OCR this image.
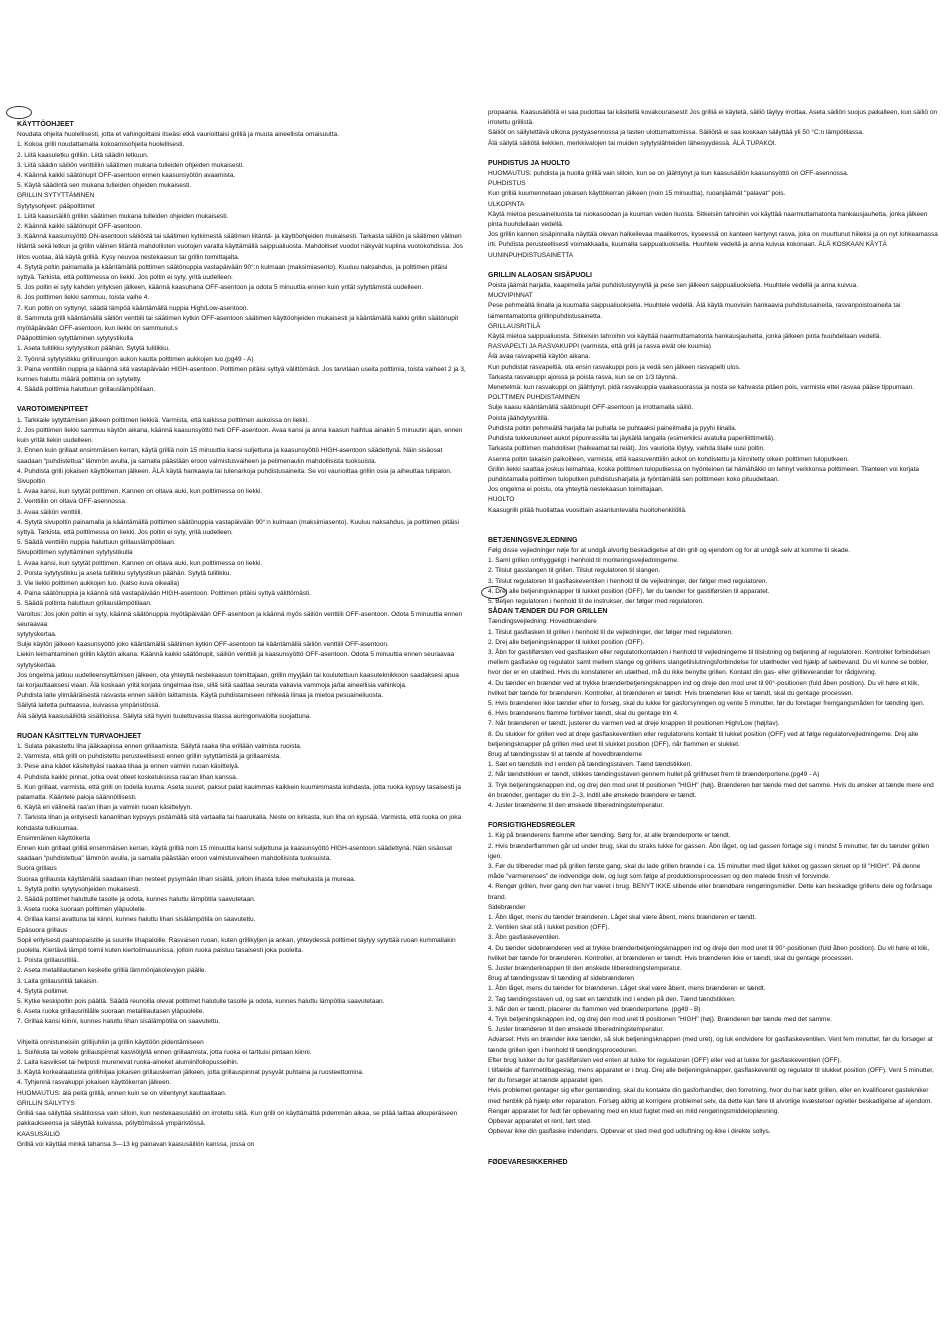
KÄYTTÖOHJEET

Noudata ohjeita huolellisesti, jotta et vahingoittaisi itseäsi etkä vaurioittaisi grilliä ja muuta aineellista omaisuutta.

1. Kokoa grilli noudattamalla kokoamisohjeita huolellisesti.

2. Liitä kaasuletku grilliin. Liitä säädin letkuun.

3. Liitä säädin säiliön venttiiliin säätimen mukana tulleiden ohjeiden mukaisesti.

4. Käännä kaikki säätönupit OFF-asentoon ennen kaasunsyötön avaamista.

5. Käytä säädintä sen mukana tulleiden ohjeiden mukaisesti.

GRILLIN SYTYTTÄMINEN

Sytytysohjeet: pääpolttimet

1. Liitä kaasusäiliö grilliin säätimen mukana tulleiden ohjeiden mukaisesti.

2. Käännä kaikki säätönupit OFF-asentoon.

3. Käännä kaasunsyöttö ON-asentoon säiliöstä tai säätimen kytkimestä säätimen liitäntä- ja käyttöohjeiden mukaisesti. Tarkasta säiliön ja säätimen välinen liitäntä sekä letkun ja grillin välinen liitäntä mahdollisten vuotojen varalta käyttämällä saippualiuosta. Mahdolliset vuodot näkyvät kuplina vuotokohdissa. Jos liitos vuotaa, älä käytä grilliä. Kysy neuvoa nestekaasun tai grillin toimittajalta.

4. Sytytä poltin painamalla ja kääntämällä polttimen säätönuppia vastapäivään 90°:n kulmaan (maksimiasento). Kuuluu naksahdus, ja polttimen pitäisi syttyä. Tarkista, että polttimessa on liekki. Jos poltin ei syty, yritä uudelleen.

5. Jos poltin ei syty kahden yrityksen jälkeen, käännä kaasuhana OFF-asentoon ja odota 5 minuuttia ennen kuin yrität sytyttämistä uudelleen.

6. Jos polttimen liekki sammuu, toista vaihe 4.

7. Kun poltin on syttynyt, säädä lämpöä kääntämällä nuppia High/Low-asentoon.

8. Sammuta grilli kääntämällä säiliön venttiili tai säätimen kytkin OFF-asentoon säätimen käyttöohjeiden mukaisesti ja kääntämällä kaikki grillin säätönupit myötäpäivään OFF-asentoon, kun liekki on sammunut.s

Pääpolttimien sytyttäminen sytytystikulla

1. Aseta tulitikku sytytystikun päähän. Sytytä tulitikku.

2. Työnnä sytytystikku grilliruungon aukon kautta polttimen aukkojen luo.(pg49 - A)

3. Paina venttiilin nuppia ja käännä sitä vastapäivään HIGH-asentoon. Polttimen pitäisi syttyä välittömästi. Jos tarvitaan useita polttimia, toista vaiheet 2 ja 3, kunnes haluttu määrä polttimia on sytytetty.

4. Säädä polttimia haluttuun grillauslämpötilaan.

VAROTOIMENPITEET

1. Tarkkaile sytyttämisen jälkeen polttimen liekkiä. Varmista, että kaikissa polttimen aukoissa on liekki.

2. Jos polttimen liekki sammuu käytön aikana, käännä kaasunsyöttö heti OFF-asentoon. Avaa kansi ja anna kaasun haihtua ainakin 5 minuutin ajan, ennen kuin yrität liekin uudelleen.

3. Ennen kuin grillaat ensimmäisen kerran, käytä grilliä noin 15 minuuttia kansi suljettuna ja kaasunsyöttö HIGH-asentoon säädettynä. Näin sisäosat saadaan "puhdistettua" lämmön avulla, ja samalla päästään eroon valmistusvaiheen ja pelimenaulin mahdollisista tuoksuista.

4. Puhdista grilli jokaisen käyttökerran jälkeen. ÄLÄ käytä hankaavia tai tulenarkoja puhdistusaineita. Se voi vaurioittaa grillin osia ja aiheuttaa tulipalon.

Sivupoltin

1. Avaa kansi, kun sytytät polttimen. Kannen on oltava auki, kun polttimessa on liekki.

2. Venttiilin on oltava OFF-asennossa.

3. Avaa säiliön venttiili.

4. Sytytä sivupoltin painamalla ja kääntämällä polttimen säätönuppia vastapäivään 90°:n kulmaan (maksimiasento). Kuuluu naksahdus, ja polttimen pitäisi syttyä. Tarkista, että polttimessa on liekki. Jos poltin ei syty, yritä uudelleen.

5. Säädä venttiilin nuppia haluttuun grillauslämpötilaan.

Sivupolttimen sytyttäminen sytytystikulla

1. Avaa kansi, kun sytytät polttimen. Kannen on oltava auki, kun polttimessa on liekki.

2. Poista sytytystikku ja aseta tulitikku sytytystikun päähän. Sytytä tulitikku.

3. Vie liekki polttimen aukkojen luo. (katso kuva oikealla)

4. Paina säätönuppia ja käännä sitä vastapäivään HIGH-asentoon. Polttimen pitäisi syttyä välittömästi.

5. Säädä poltinta haluttuun grillauslämpötilaan.

Varoitus: Jos jokin poltin ei syty, käännä säätönuppia myötäpäivään OFF-asentoon ja käännä myös säiliön venttiili OFF-asentoon. Odota 5 minuuttia ennen seuraavaa

sytytyskertaa.

Sulje käytön jälkeen kaasunsyöttö joko kääntämällä säätimen kytkin OFF-asentoon tai kääntämällä säiliön venttiili OFF-asentoon.

Liekin leimahtaminen grillin käytön aikana. Käännä kaikki säätönupit, säiliön venttiili ja kaasunsyöttö OFF-asentoon. Odota 5 minuuttia ennen seuraavaa sytytyskertaa.

Jos ongelma jatkuu uudelleensyttämisen jälkeen, ota yhteyttä nestekaasun toimittajaan, grillin myyjään tai koulutettuun kaasuteknikkoon saadaksesi apua tai korjauttaaksesi viaan. Älä koskaan yritä korjata ongelmaa itse, sillä siitä saattaa seurata vakavia vammoja ja/tai aineellisia vahinkoja.

Puhdista laite ylimääräisestä rasvasta ennen säiliön laittamista. Käytä puhdistamiseen nihkeää liinaa ja mietoa pesuaineliuosta.

Säilytä laitetta puhtaassa, kuivassa ympäristössä.

Älä säilytä kaasusäiliötä sisätiloissa. Säilytä sitä hyvin tuulettuvassa tilassa auringonvalolta suojattuna.

RUOAN KÄSITTELYN TURVAOHJEET

1. Sulata pakastettu liha jääkaapissa ennen grillaamista. Säilytä raaka liha erillään valmista ruoista.

2. Varmista, että grilli on puhdistettu perusteellisesti ennen grillin sytyttämistä ja grillaamista.

3. Pese aina kädet käsiteltyäsi raakaa lihaa ja ennen valmiin ruoan käsittelyä.

4. Puhdista kaikki pinnat, jotka ovat olleet kosketuksissa raa'an lihan kanssa.

5. Kun grillaat, varmista, että grilli on todella kuuma. Aseta suuret, paksut palat kauimmas kaikkein kuumimmasta kohdasta, jotta ruoka kypsyy tasaisesti ja palamatta. Kääntele paloja säännöllisesti.

6. Käytä eri välineitä raa'an lihan ja valmiin ruoan käsittelyyn.

7. Tarkista lihan ja erityisesti kananlihan kypsyys pistämällä sitä vartaalla tai haarukalla. Neste on kirkasta, kun liha on kypsää. Varmista, että ruoka on joka kohdasta tulikuumaa.

Ensimmäinen käyttökerta

Ennen kuin grillaat grilliä ensimmäisen kerran, käytä grilliä noin 15 minuuttia kansi suljettuna ja kaasunsyöttö HIGH-asentoon säädettynä. Näin sisäosat saadaan "puhdistettua" lämmön avulla, ja samalla päästään eroon valmistusvaiheen mahdollisista tuoksuista.

Suora grillaus

Suoraa grillausta käyttämällä saadaan lihan nesteet pysymään lihan sisällä, jolloin lihasta tulee mehukasta ja mureaa.

1. Sytytä poltin sytytysohjeiden mukaisesti.

2. Säädä polttimet haluttulle tasolle ja odota, kunnes haluttu lämpötila saavutetaan.

3. Aseta ruoka suoraan polttimen yläpuolelle.

4. Grillaa kansi avattuna tai kiinni, kunnes haluttu lihan sisälämpötila on saavutettu.

Epäsuora grillaus

Sopii erityisesti paahtopaistille ja suurille lihapaloille. Rasvaisen ruoan, kuten grillikyljen ja ankan, yhteydessä polttimet täytyy sytyttää ruoan kummallakin puolella. Kiertävä lämpö toimii kuten kiertoilmauunissa, jolloin ruoka paistuu tasaisesti joka puolelta.

1. Poista grillausritilä.

2. Aseta metallilautanen keskelle grilliä lämmönjakolevyjen päälle.

3. Laita grillausritilä takaisin.

4. Sytytä poltimet.

5. Kytke keskipoltin pois päältä. Säädä reunoilla olevat polttimet halutulle tasolle ja odota, kunnes haluttu lämpötila saavutetaan.

6. Aseta ruoka grillausritilälle suoraan metallilautasen yläpuolelle.

7. Grillaa kansi kiinni, kunnes haluttu lihan sisälämpötila on saavutettu.

Vihjeitä onnistuneisiin grillijuhliin ja grillin käyttöön pidentämiseen

1. Suihkuta tai voitele grillauspinnat kasviöljyllä ennen grillaamista, jotta ruoka ei tarttuisi pintaan kiinni.

2. Laita kasvikset tai helposti murenevat ruoka-aineket alumiinifoliopusseihin.

3. Käytä korkealaatuista grillihiijaa jokaisen grillauskerran jälkeen, jotta grillauspinnat pysyvät puhtaina ja ruosteettomina.

4. Tyhjennä rasvakuppi jokaisen käyttökerran jälkeen.

HUOMAUTUS: älä peitä grilliä, ennen kuin se on viilentynyt kauttaaltaan.

GRILLIN SÄILYTYS

Grilliä saa säilyttää sisätiloissa vain silloin, kun nestekaasusäiliö on irrotettu siitä. Kun grilli on käyttämättä pidemmän aikaa, se pitää laittaa alkuperäiseen pakkaukseensa ja säilyttää kuivassa, pölyttömässä ympäristössä.

KAASUSÄILIÖ

Grilliä voi käyttää minkä tahansa 3—13 kg painavan kaasusäiliön kanssa, jossa on

propaania. Kaasusäiliötä ei saa pudottaa tai käsitellä kovakouraisesti! Jos grilliä ei käytetä, säiliö täytyy irrottaa. Aseta säiliön suojus paikalleen, kun säiliö on irrotettu grillistä.

Säiliöt on säilytettävä ulkona pystyasennossa ja lasten ulottumattomissa. Säiliöitä ei saa koskaan säilyttää yli 50 °C:n lämpötilassa.

Älä säilytä säiliötä liekkien, merkkivalojen tai muiden sytytyslähteiden läheisyydessä. ÄLÄ TUPAKOI.

PUHDISTUS JA HUOLTO

HUOMAUTUS: puhdista ja huolla grilliä vain silloin, kun se on jäähtynyt ja kun kaasusäiliön kaasunsyöttö on OFF-asennossa.

PUHDISTUS

Kun grilliä kuumennetaan jokaisen käyttökerran jälkeen (noin 15 minuuttia), ruoanjäämät "palavat" pois.

ULKOPINTA

Käytä mietoa pesuaineliuosta tai ruokasoodan ja kuuman veden liuosta. Sitkeisiin tahroihin voi käyttää naarmuttamatonta hankausjauhetta, jonka jälkeen pinta huuhdellaan vedellä.

Jos grillin kannen sisäpinnalla näyttää olevan halkeilevaa maalikerros, kyseessä on kanteen kertynyt rasva, joka on muuttunut hiileksi ja on nyt lohkeamassa irti. Puhdista perusteellisesti voimakkaalla, kuumalla saippualiuoksella. Huuhtele vedellä ja anna kuivua kokonaan. ÄLÄ KOSKAAN KÄYTÄ UUNINPUHDISTUSAINETTA

GRILLIN ALAOSAN SISÄPUOLI

Poista jäämät harjalla, kaapimella ja/tai puhdistustyynyllä ja pese sen jälkeen saippualiuoksella. Huuhtele vedellä ja anna kuivua.

MUOVIPINNAT

Pese pehmeällä liinalla ja kuumalla saippualiuoksella. Huuhtele vedellä. Älä käytä muovisiin hankaavia puhdistusaineita, rasvanpoistoaineita tai laimentamatonta grillinpuhdistusainetta.

GRILLAUSRITILÄ

Käytä mietoa saippualiuosta. Sitkeisiin tahroihin voi käyttää naarmuttamatonta hankausjauhetta, jonka jälkeen pinta huuhdellaan vedellä.

RASVAPELTI JA RASVAKUPPI (varmista, että grilli ja rasva eivät ole kuumia)

Älä avaa rasvapeltiä käytön aikana.

Kun puhdistat rasvapeltiä, ota ensin rasvakuppi pois ja vedä sen jälkeen rasvapelti ulos.

Tarkasta rasvakuppi ajoissa ja poista rasva, kun se on 1/3 täynnä.

Menetelmä: kun rasvakuppi on jäähtynyt, pidä rasvakuppia vaakasuorassa ja nosta se kahvasta pitäen pois, varmista ettei rasvaa pääse tippumaan.

POLTTIMEN PUHDISTAMINEN

Sulje kaasu kääntämällä säätönupit OFF-asentoon ja irrottamalla säiliö.

Poista jäähdytysritilä.

Puhdista poltin pehmeällä harjalla tai puhalla se puhtaaksi paineilmalla ja pyyhi liinalla.

Puhdista tukkeutuneet aukot piipunrassilla tai jäykällä langalla (esimerkiksi avatulla paperiliittimellä).

Tarkasta polttimen mahdolliset (halkeamat tai reiät). Jos vaurioita löytyy, vaihda tilalle uusi poltin.

Asenna poltin takaisin paikoilleen, varmista, että kaasuventtiilin aukot on kohdistettu ja kiinnitetty oikein polttimen tuloputkeen.

Grillin liekki saattaa joskus leimahtaa, koska polttimen tuloputkessa on hyönteinen tai hämähäkki on tehnyt verkkonsa polttimeen. Tilanteen voi korjata puhdistamalla polttimen tuloputken puhdistusharjalla ja työntämällä sen polttimeen koko pituudeltaan.

Jos ongelma ei poistu, ota yhteyttä nestekaasun toimittajaan.

HUOLTO

Kaasugrilli pitää huollattaa vuosittain asiantuntevalla huoltohenkilöllä.

BETJENINGSVEJLEDNING

Følg disse vejledninger nøje for at undgå alvorlig beskadigelse af din grill og ejendom og for at undgå selv at komme til skade.

1. Saml grillen omhyggeligt i henhold til monteringsvejledningerne.

2. Tilslut gasslangen til grillen. Tilslut regulatoren til slangen.

3. Tilslut regulatoren til gasflaskeventilen i henhold til de vejledninger, der følger med regulatoren.

4. Drej alle betjeningsknapper til lukket position (OFF), før du tænder for gastilførslen til apparatet.

5. Betjen regulatoren i henhold til de instrukser, der følger med regulatoren.

SÅDAN TÆNDER DU FOR GRILLEN

Tændingsvejledning: Hovedbrændere

1. Tilslut gasflasken til grillen i henhold til de vejledninger, der følger med regulatoren.

2. Drej alle betjeningsknapper til lukket position (OFF).

3. Åbn for gastilførslen ved gasflasken eller regulatorkontakten i henhold til vejledningerne til tilslutning og betjening af regulatoren. Kontroller forbindelsen mellem gasflaske og regulator samt mellem slange og grillens slangetilslutningsforbindelse for utætheder ved hjælp af sæbevand. Du vil kunne se bobler, hvor der er en utæthed. Hvis du konstaterer en utæthed, må du ikke benytte grillen. Kontakt din gas- eller grillleverandør for rådgivning.

4. Du tænder en brænder ved at trykke brænderbetjeningsknappen ind og dreje den mod uret til 90°-positionen (fuld åben position). Du vil høre et klik, hvilket bør tænde for brænderen. Kontroller, at brænderen er tændt. Hvis brænderen ikke er tændt, skal du gentage processen.

5. Hvis brænderen ikke tænder efter to forsøg, skal du lukke for gasforsyningen og vente 5 minutter, før du foretager fremgangsmåden for tænding igen.

6. Hvis brænderens flamme forbliver tændt, skal du gentage trin 4.

7. Når brænderen er tændt, justerer du varmen ved at dreje knappen til positionen High/Low (høj/lav).

8. Du slukker for grillen ved at dreje gasflaskeventilen eller regulatorens kontakt til lukket position (OFF) ved at følge regulatorvejledningerne. Drej alle betjeningsknapper på grillen med uret til slukket position (OFF), når flammen er slukket.

Brug af tændingsstav til at tænde af hovedbrænderne

1. Sæt en tændstik ind i enden på tændingsstaven. Tænd tændstikken.

2. Når tændstikken er tændt, stikkes tændingsstaven gennem hullet på grillhuset frem til brænderportene.(pg49 - A)

3. Tryk betjeningsknappen ind, og drej den mod uret til positionen "HIGH" (høj). Brænderen bør tænde med det samme. Hvis du ønsker at tænde mere end én brænder, gentager du trin 2–3, indtil alle ønskede brændere er tændt.

4. Juster brænderne til den ønskede tilberedningstemperatur.

FORSIGTIGHEDSREGLER

1. Kig på brænderens flamme efter tænding. Sørg for, at alle brænderporte er tændt.

2. Hvis brænderflammen går ud under brug, skal du straks lukke for gassen. Åbn låget, og lad gassen fortage sig i mindst 5 minutter, før du tænder grillen igen.

3. Før du tilbereder mad på grillen første gang, skal du lade grillen brænde i ca. 15 minutter med låget lukket og gassen skruet op til "HIGH". På denne måde "varmerenses" de indvendige dele, og lugt som følge af produktionsprocessen og den malede finish vil forsvinde.

4. Rengør grillen, hver gang den har været i brug. BENYT IKKE slibende eller brændbare rengøringsmidler. Dette kan beskadige grillens dele og forårsage brand.

Sidebrænder

1. Åbn låget, mens du tænder brænderen. Låget skal være åbent, mens brænderen er tændt.

2. Ventilen skal stå i lukket position (OFF).

3. Åbn gasflaskeventilen.

4. Du tænder sidebrænderen ved at trykke brænderbetjeningsknappen ind og dreje den mod uret til 90°-positionen (fuld åben position). Du vil høre et klik, hvilket bør tænde for brænderen. Kontroller, at brænderen er tændt. Hvis brænderen ikke er tændt, skal du gentage processen.

5. Juster brænderknappen til den ønskede tilberedningstemperatur.

Brug af tændingsstav til tænding af sidebrænderen

1. Åbn låget, mens du tænder for brænderen. Låget skal være åbent, mens brænderen er tændt.

2. Tag tændingsstaven ud, og sæt en tændstik ind i enden på den. Tænd tændstikken.

3. Når den er tændt, placerer du flammen ved brænderportene. (pg49 - B)

4. Tryk betjeningsknappen ind, og drej den mod uret til positionen "HIGH" (høj). Brænderen bør tænde med det samme.

5. Juster brænderen til den ønskede tilberedningstemperatur.

Advarsel: Hvis en brænder ikke tænder, så sluk betjeningsknappen (med uret), og luk endvidere for gasflaskeventilen. Vent fem minutter, før du forsøger at tænde grillen igen i henhold til tændingsproceduren.

Efter brug lukker du for gastilførslen ved enten at lukke for regulatoren (OFF) eller ved at lukke for gasflaskeventilen (OFF).

I tilfælde af flammetilbageslag, mens apparatet er i brug. Drej alle betjeningsknapper, gasflaskeventil og regulator til slukket position (OFF). Vent 5 minutter, før du forsøger at tænde apparatet igen.

Hvis problemet gentager sig efter gentænding, skal du kontakte din gasforhandler, den forretning, hvor du har købt grillen, eller en kvalificeret gastekniker med henblik på hjælp eller reparation. Forsøg aldrig at korrigere problemet selv, da dette kan føre til alvorlige kvæstelser og/eller beskadigelse af ejendom.

Rengør apparatet for fedt før opbevaring med en klud fugtet med en mild rengøringsmiddelopløsning.

Opbevar apparatet et rent, tørt sted.

Opbevar ikke din gasflaske indendørs. Opbevar et sted med god udluftning og ikke i direkte sollys.

FØDEVARESIKKERHED
